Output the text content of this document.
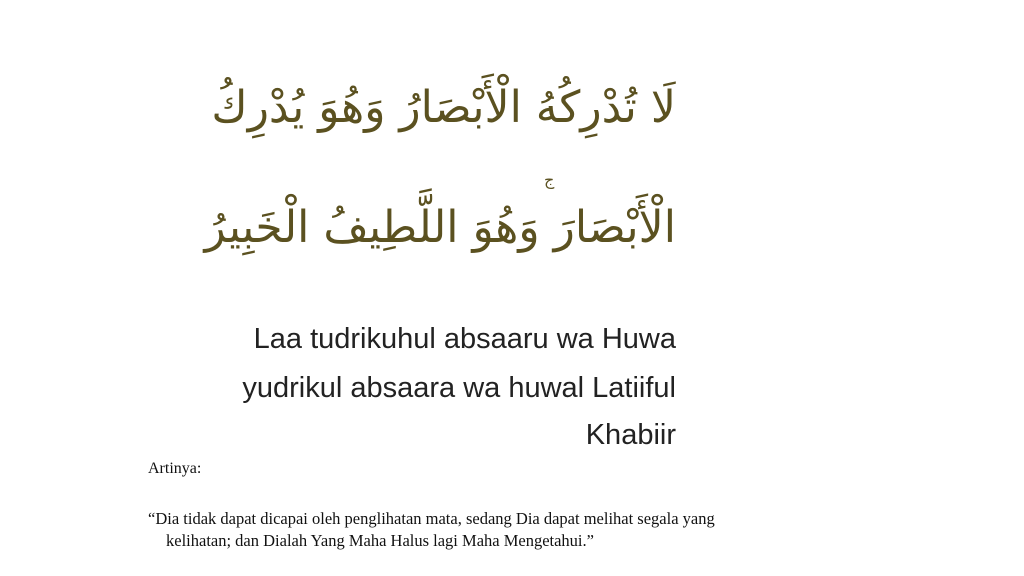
لَا تُدْرِكُهُ الْأَبْصَارُ وَهُوَ يُدْرِكُ
ج
الْأَبْصَارَ وَهُوَ اللَّطِيفُ الْخَبِيرُ
Laa tudrikuhul absaaru wa Huwa
yudrikul absaara wa huwal Latiiful
Khabiir
Artinya:
“Dia tidak dapat dicapai oleh penglihatan mata, sedang Dia dapat melihat segala yang
kelihatan; dan Dialah Yang Maha Halus lagi Maha Mengetahui.”
